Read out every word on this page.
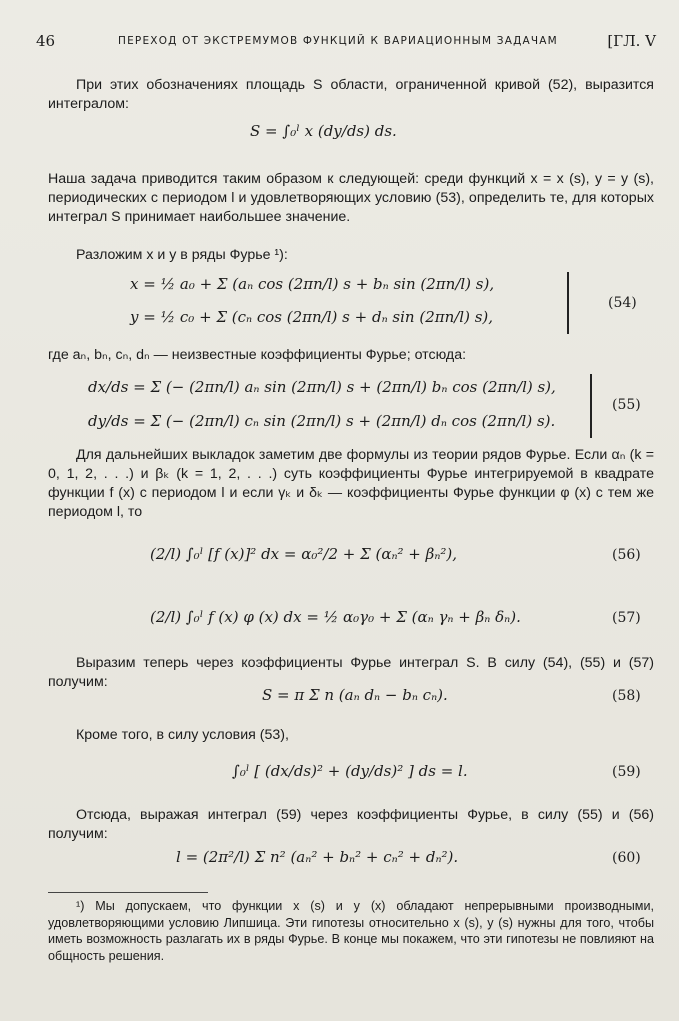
46	ПЕРЕХОД ОТ ЭКСТРЕМУМОВ ФУНКЦИЙ К ВАРИАЦИОННЫМ ЗАДАЧАМ	[ГЛ. V
При этих обозначениях площадь S области, ограниченной кривой (52), выразится интегралом:
S = ∫₀ˡ x (dy/ds) ds.
Наша задача приводится таким образом к следующей: среди функций x = x (s), y = y (s), периодических с периодом l и удовлетворяющих условию (53), определить те, для которых интеграл S принимает наибольшее значение.
Разложим x и y в ряды Фурье ¹):
x = ½ a₀ + Σ (aₙ cos (2πn/l) s + bₙ sin (2πn/l) s),
y = ½ c₀ + Σ (cₙ cos (2πn/l) s + dₙ sin (2πn/l) s),
(54)
где aₙ, bₙ, cₙ, dₙ — неизвестные коэффициенты Фурье; отсюда:
dx/ds = Σ (− (2πn/l) aₙ sin (2πn/l) s + (2πn/l) bₙ cos (2πn/l) s),
dy/ds = Σ (− (2πn/l) cₙ sin (2πn/l) s + (2πn/l) dₙ cos (2πn/l) s).
(55)
Для дальнейших выкладок заметим две формулы из теории рядов Фурье. Если αₙ (k = 0, 1, 2, . . .) и βₖ (k = 1, 2, . . .) суть коэффициенты Фурье интегрируемой в квадрате функции f (x) с периодом l и если γₖ и δₖ — коэффициенты Фурье функции φ (x) с тем же периодом l, то
(2/l) ∫₀ˡ [f (x)]² dx = α₀²/2 + Σ (αₙ² + βₙ²),	(56)
(2/l) ∫₀ˡ f (x) φ (x) dx = ½ α₀γ₀ + Σ (αₙ γₙ + βₙ δₙ).	(57)
Выразим теперь через коэффициенты Фурье интеграл S. В силу (54), (55) и (57) получим:
S = π Σ n (aₙ dₙ − bₙ cₙ).	(58)
Кроме того, в силу условия (53),
∫₀ˡ [ (dx/ds)² + (dy/ds)² ] ds = l.	(59)
Отсюда, выражая интеграл (59) через коэффициенты Фурье, в силу (55) и (56) получим:
l = (2π²/l) Σ n² (aₙ² + bₙ² + cₙ² + dₙ²).	(60)
¹) Мы допускаем, что функции x (s) и y (x) обладают непрерывными производными, удовлетворяющими условию Липшица. Эти гипотезы относительно x (s), y (s) нужны для того, чтобы иметь возможность разлагать их в ряды Фурье. В конце мы покажем, что эти гипотезы не повлияют на общность решения.
